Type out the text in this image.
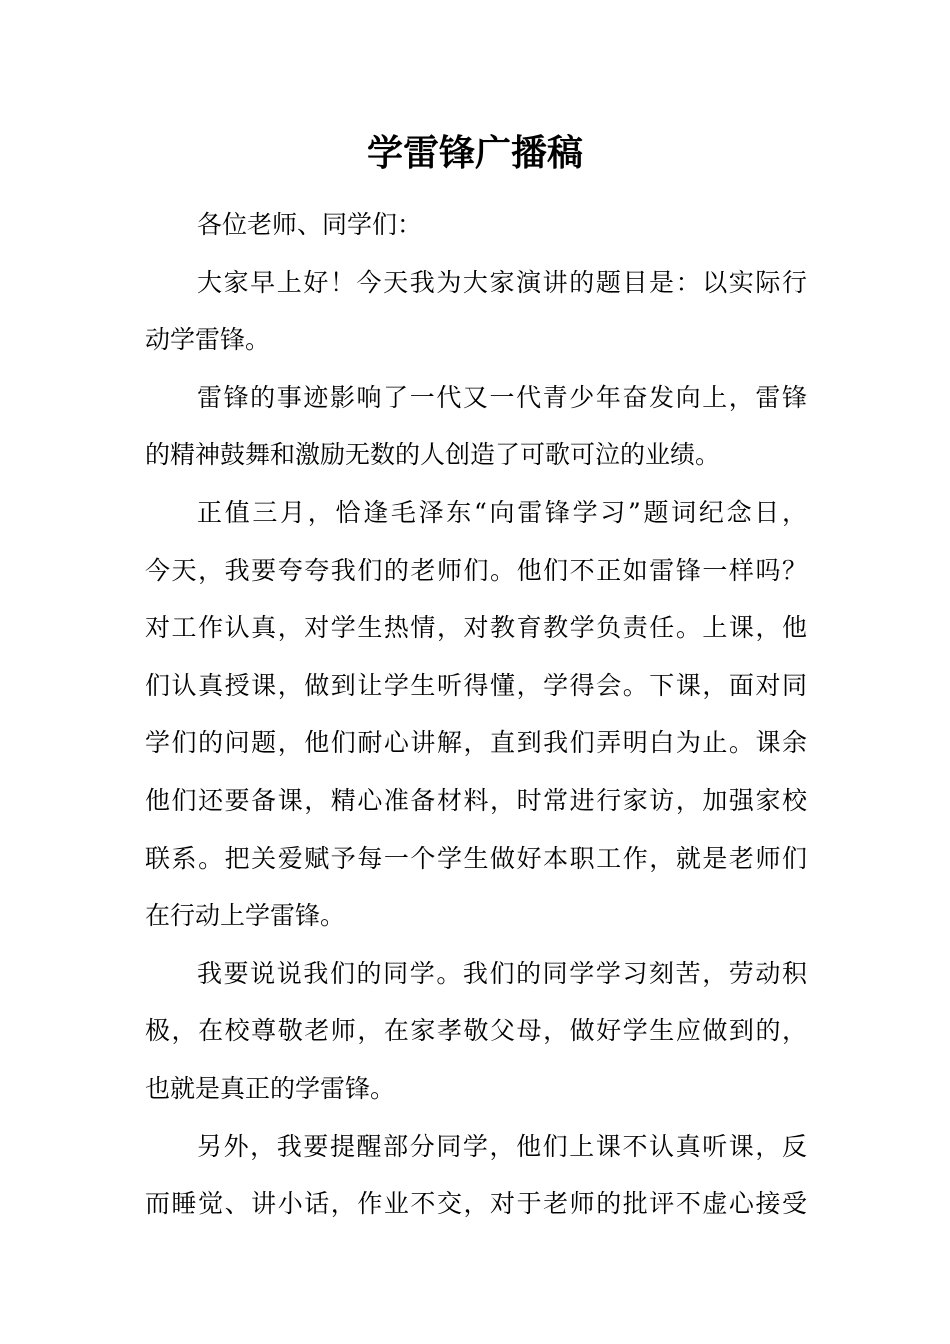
学雷锋广播稿

各位老师、同学们：

大家早上好！今天我为大家演讲的题目是：以实际行

动学雷锋。

雷锋的事迹影响了一代又一代青少年奋发向上，雷锋

的精神鼓舞和激励无数的人创造了可歌可泣的业绩。

正值三月，恰逢毛泽东“向雷锋学习”题词纪念日，

今天，我要夸夸我们的老师们。他们不正如雷锋一样吗？

对工作认真，对学生热情，对教育教学负责任。上课，他

们认真授课，做到让学生听得懂，学得会。下课，面对同

学们的问题，他们耐心讲解，直到我们弄明白为止。课余

他们还要备课，精心准备材料，时常进行家访，加强家校

联系。把关爱赋予每一个学生做好本职工作，就是老师们

在行动上学雷锋。

我要说说我们的同学。我们的同学学习刻苦，劳动积

极，在校尊敬老师，在家孝敬父母，做好学生应做到的，

也就是真正的学雷锋。

另外，我要提醒部分同学，他们上课不认真听课，反

而睡觉、讲小话，作业不交，对于老师的批评不虚心接受
